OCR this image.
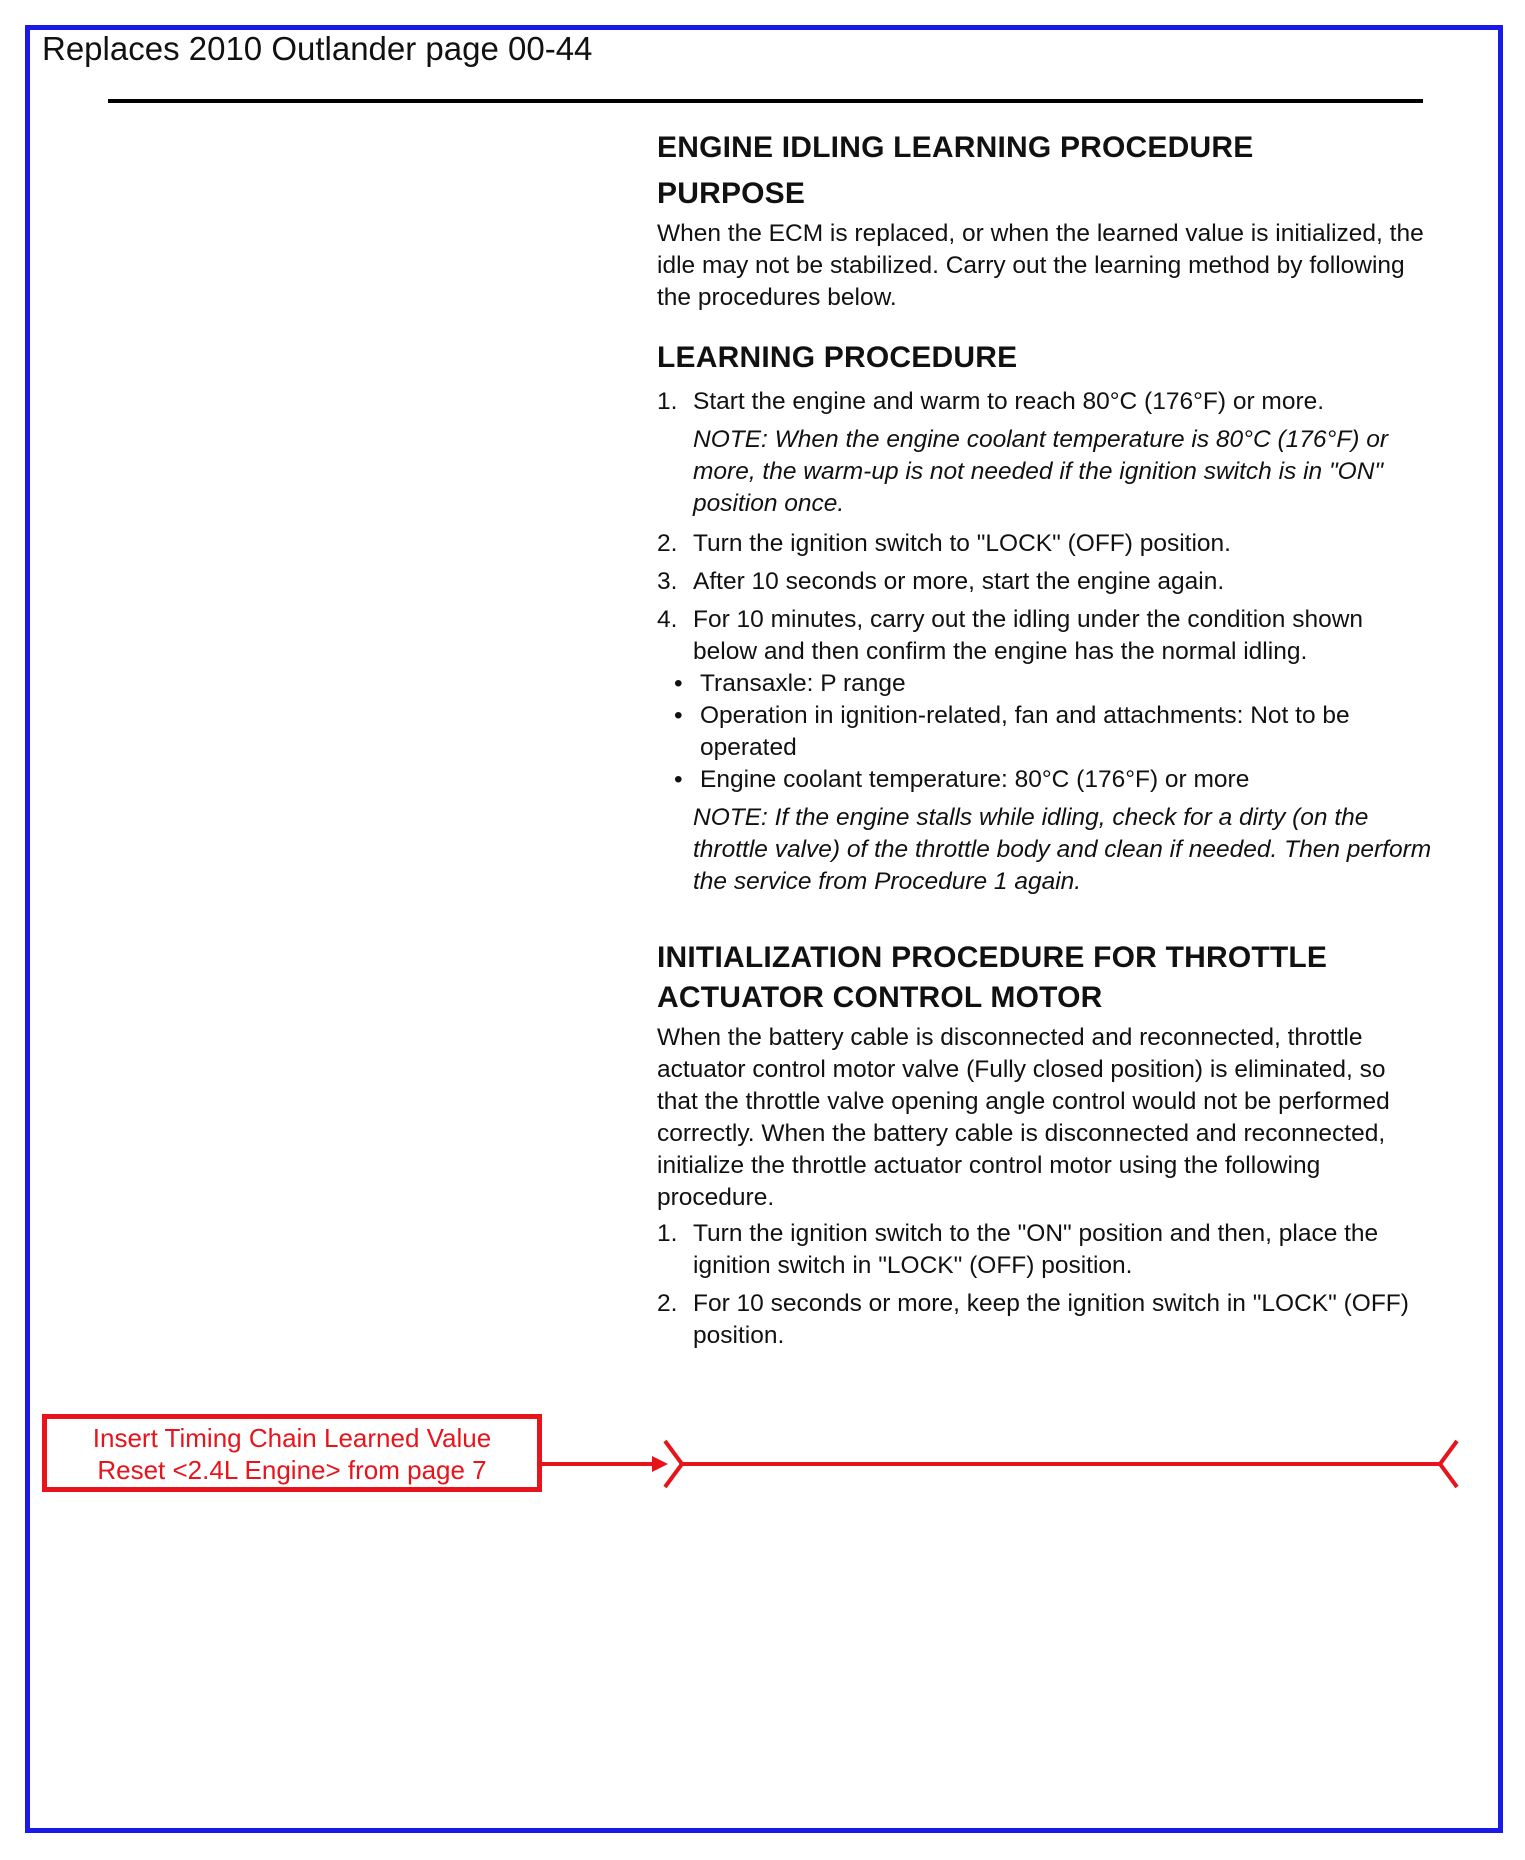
Replaces 2010 Outlander page 00-44
ENGINE IDLING LEARNING PROCEDURE
PURPOSE

When the ECM is replaced, or when the learned value is initialized, the idle may not be stabilized. Carry out the learning method by following the procedures below.

LEARNING PROCEDURE
1. Start the engine and warm to reach 80°C (176°F) or more.

NOTE: When the engine coolant temperature is 80°C (176°F) or more, the warm-up is not needed if the ignition switch is in "ON" position once.

2. Turn the ignition switch to "LOCK" (OFF) position.
3. After 10 seconds or more, start the engine again.
4. For 10 minutes, carry out the idling under the condition shown below and then confirm the engine has the normal idling.
• Transaxle: P range
• Operation in ignition-related, fan and attachments: Not to be operated
• Engine coolant temperature: 80°C (176°F) or more

NOTE: If the engine stalls while idling, check for a dirty (on the throttle valve) of the throttle body and clean if needed. Then perform the service from Procedure 1 again.

INITIALIZATION PROCEDURE FOR THROTTLE ACTUATOR CONTROL MOTOR

When the battery cable is disconnected and reconnected, throttle actuator control motor valve (Fully closed position) is eliminated, so that the throttle valve opening angle control would not be performed correctly. When the battery cable is disconnected and reconnected, initialize the throttle actuator control motor using the following procedure.

1. Turn the ignition switch to the "ON" position and then, place the ignition switch in "LOCK" (OFF) position.
2. For 10 seconds or more, keep the ignition switch in "LOCK" (OFF) position.
Insert Timing Chain Learned Value
Reset <2.4L Engine> from page 7
